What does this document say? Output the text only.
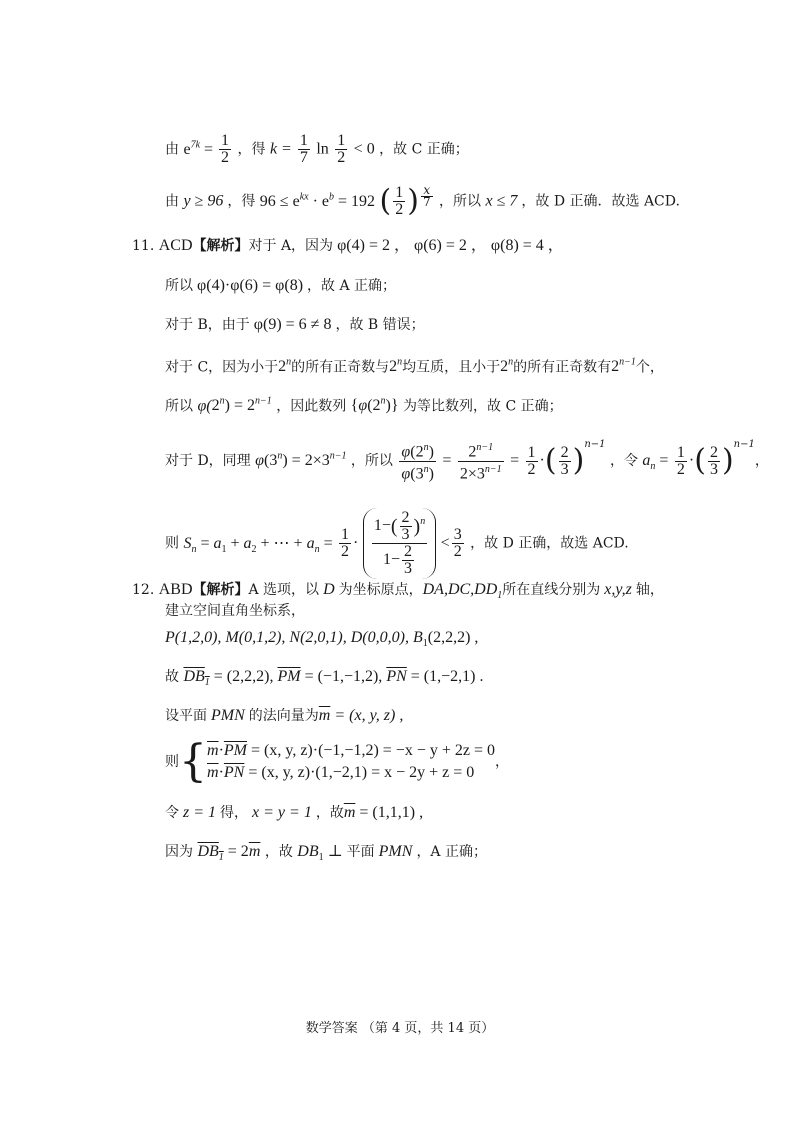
由 $e^{7k} = \frac{1}{2}$ ，得 $k = \frac{1}{7}$ $\ln \frac{1}{2} < 0$ ，故 C 正确；
由 y ≥ 96 ，得 $96 \le e^{kx} \cdot e^b = 192$ ( $\frac{1}{2}$ ) $\frac{x}{7}$ ，所以 x ≤ 7 ，故 D 正确．故选 ACD.
11. ACD【解析】对于 A，因为 φ(4) = 2 ， φ(6) = 2 ， φ(8) = 4 ，
所以 φ(4)·φ(6) = φ(8) ，故 A 正确；
对于 B，由于 φ(9) = 6 ≠ 8 ，故 B 错误；
对于 C，因为小于2$^n$的所有正奇数与2$^n$均互质，且小于2$^n$的所有正奇数有$2^{n-1}$个，
所以 $\varphi(2^n) = 2^{n-1}$ ，因此数列 {φ(2$^n$)} 为等比数列，故 C 正确；
对于 D，同理 $\varphi(3^n) = 2\times 3^{n-1}$ ，所以 $\frac{\varphi(2^n)}{\varphi(3^n)} = \frac{2^{n-1}}{2\times 3^{n-1}} = \frac{1}{2}$ ·( $\frac{2}{3} )^{n-1}$ ，令 $a_n = \frac{1}{2}$ ·( $\frac{2}{3} )^{n-1}$，
则 $S_n = a_1 + a_2$ + ⋯ + $a_n = \frac{1}{2} \cdot \frac{1-( \frac{2}{3} )^n}{1- \frac{2}{3}} < \frac{3}{2}$ ，故 D 正确，故选 ACD.
12. ABD【解析】A 选项，以 D 为坐标原点，$DA,DC,DD_1$所在直线分别为 x,y,z 轴，
建立空间直角坐标系，
P(1,2,0), M(0,1,2), N(2,0,1), D(0,0,0), $B_1(2,2,2)$ ,
故 $DB_1 = (2,2,2)$, $\overline{PM} = (-1,-1,2)$, $\overline{PN} = (1,-2,1)$ .
设平面 PMN 的法向量为$\overline{m} = (x$, y, z) ,
则{ $\overline{m}\cdot\overline{PM} = (x$, y, z)·(−1,−1,2) = −x − y + 2z = 0
$\overline{m}\cdot\overline{PN} = (x$, y, z)·(1,−2,1) = x − 2y + z = 0
，
令 z = 1 得， x = y = 1 ，故$\overline{m} = (1,1,1)$ ,
因为 $DB_1 = 2\overline{m}$ ，故 $DB_1$ ⊥ 平面 PMN ，A 正确；
数学答案 （第 4 页，共 14 页）
